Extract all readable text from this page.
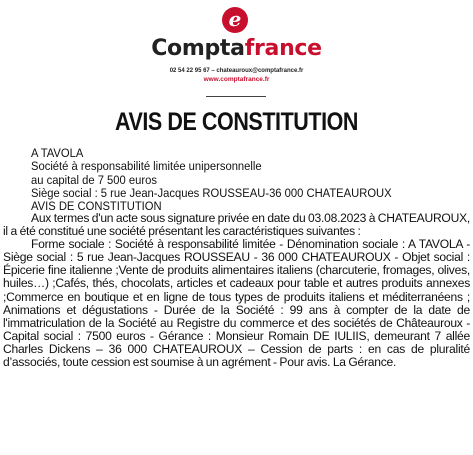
e
Comptafrance
02 54 22 95 67 – chateauroux@comptafrance.fr
www.comptafrance.fr
AVIS DE CONSTITUTION
A TAVOLA
Société à responsabilité limitée unipersonnelle
au capital de 7 500 euros
Siège social : 5 rue Jean-Jacques ROUSSEAU-36 000 CHATEAUROUX
AVIS DE CONSTITUTION

Aux termes d'un acte sous signature privée en date du 03.08.2023 à CHATEAUROUX, il a été constitué une société présentant les caractéristiques suivantes :

Forme sociale : Société à responsabilité limitée - Dénomination sociale : A TAVOLA - Siège social : 5 rue Jean-Jacques ROUSSEAU - 36 000 CHATEAUROUX - Objet social : Épicerie fine italienne ;Vente de produits alimentaires italiens (charcuterie, fromages, olives, huiles…) ;Cafés, thés, chocolats, articles et cadeaux pour table et autres produits annexes ;Commerce en boutique et en ligne de tous types de produits italiens et méditerranéens ; Animations et dégustations - Durée de la Société : 99 ans à compter de la date de l'immatriculation de la Société au Registre du commerce et des sociétés de Châteauroux - Capital social : 7500 euros - Gérance : Monsieur Romain DE IULIIS, demeurant 7 allée Charles Dickens – 36 000 CHATEAUROUX – Cession de parts : en cas de pluralité d’associés, toute cession est soumise à un agrément - Pour avis. La Gérance.
